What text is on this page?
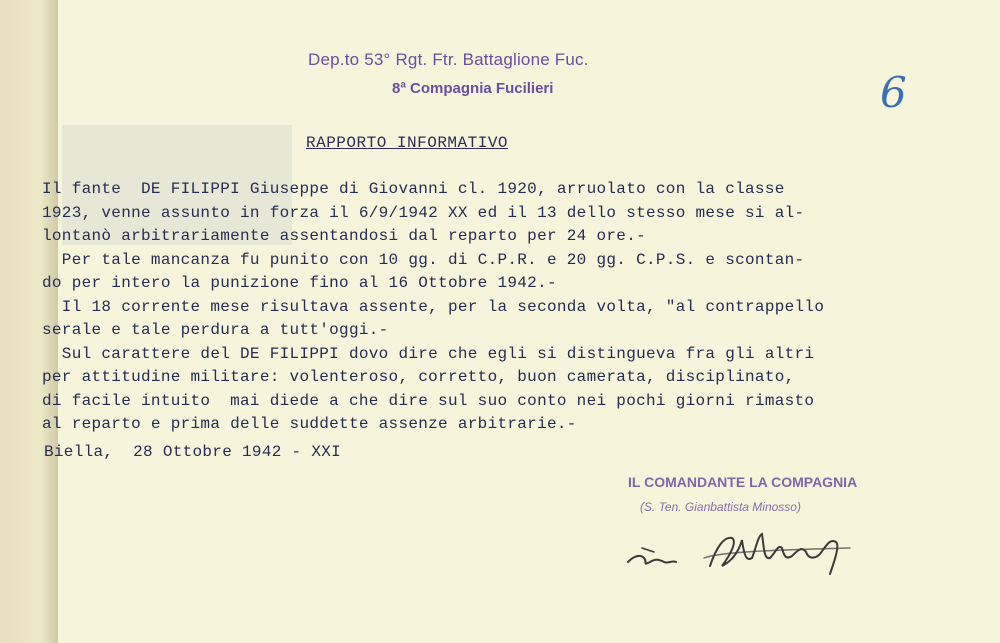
Dep.to 53° Rgt. Ftr. Battaglione Fuc.
8ª Compagnia Fucilieri	6
RAPPORTO INFORMATIVO
Il fante  DE FILIPPI Giuseppe di Giovanni cl. 1920, arruolato con la classe
1923, venne assunto in forza il 6/9/1942 XX ed il 13 dello stesso mese si al-
lontanò arbitrariamente assentandosi dal reparto per 24 ore.-
Per tale mancanza fu punito con 10 gg. di C.P.R. e 20 gg. C.P.S. e scontan-
do per intero la punizione fino al 16 Ottobre 1942.-
Il 18 corrente mese risultava assente, per la seconda volta, "al contrappello
serale e tale perdura a tutt'oggi.-
Sul carattere del DE FILIPPI dovo dire che egli si distingueva fra gli altri
per attitudine militare: volenteroso, corretto, buon camerata, disciplinato,
di facile intuito  mai diede a che dire sul suo conto nei pochi giorni rimasto
al reparto e prima delle suddette assenze arbitrarie.-
Biella,  28 Ottobre 1942 - XXI
IL COMANDANTE LA COMPAGNIA
(S. Ten. Gianbattista Minosso)
